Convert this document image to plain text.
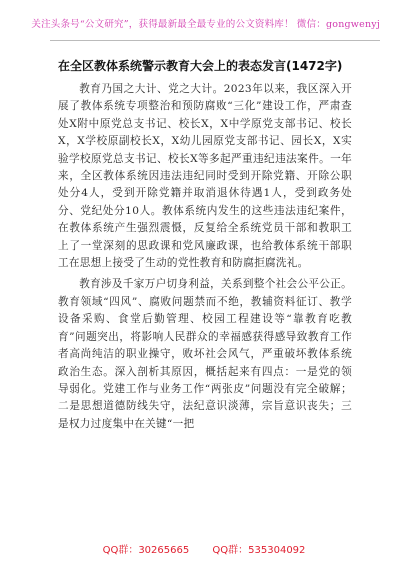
关注头条号“公文研究”，获得最新最全最专业的公文资料库！ 微信：gongwenyj
在全区教体系统警示教育大会上的表态发言(1472字)

教育乃国之大计、党之大计。2023年以来，我区深入开展了教体系统专项整治和预防腐败“三化”建设工作，严肃查处X附中原党总支书记、校长X，X中学原党支部书记、校长X，X学校原副校长X，X幼儿园原党支部书记、园长X，X实验学校原党总支书记、校长X等多起严重违纪违法案件。一年来，全区教体系统因违法违纪同时受到开除党籍、开除公职处分4人，受到开除党籍并取消退休待遇1人，受到政务处分、党纪处分10人。教体系统内发生的这些违法违纪案件，在教体系统产生强烈震慑，反复给全系统党员干部和教职工上了一堂深刻的思政课和党风廉政课，也给教体系统干部职工在思想上接受了生动的党性教育和防腐拒腐洗礼。

教育涉及千家万户切身利益，关系到整个社会公平公正。教育领域“四风”、腐败问题禁而不绝，教辅资料征订、教学设备采购、食堂后勤管理、校园工程建设等“靠教育吃教育”问题突出，将影响人民群众的幸福感获得感导致教育工作者高尚纯洁的职业操守，败坏社会风气，严重破坏教体系统政治生态。深入剖析其原因，概括起来有四点：一是党的领导弱化。党建工作与业务工作“两张皮”问题没有完全破解；二是思想道德防线失守，法纪意识淡薄，宗旨意识丧失；三是权力过度集中在关键“一把

QQ群：30265665 QQ群：535304092
